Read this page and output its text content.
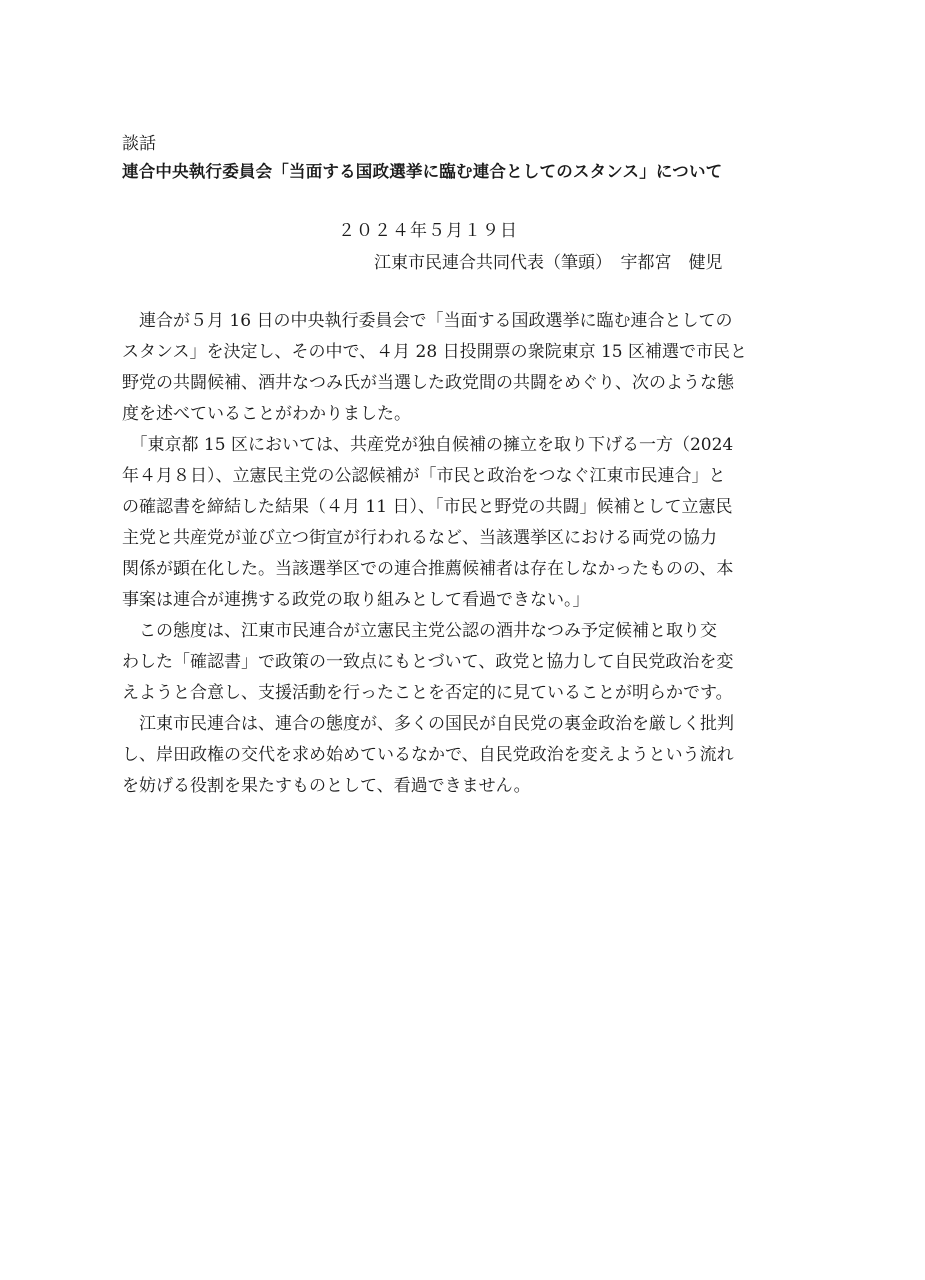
談話
連合中央執行委員会「当面する国政選挙に臨む連合としてのスタンス」について
２０２４年５月１９日
江東市民連合共同代表（筆頭）　宇都宮　健児
　連合が５月 16 日の中央執行委員会で「当面する国政選挙に臨む連合としての
スタンス」を決定し、その中で、４月 28 日投開票の衆院東京 15 区補選で市民と
野党の共闘候補、酒井なつみ氏が当選した政党間の共闘をめぐり、次のような態
度を述べていることがわかりました。
　「東京都 15 区においては、共産党が独自候補の擁立を取り下げる一方（2024
年４月８日）、立憲民主党の公認候補が「市民と政治をつなぐ江東市民連合」と
の確認書を締結した結果（４月 11 日）、「市民と野党の共闘」候補として立憲民
主党と共産党が並び立つ街宣が行われるなど、当該選挙区における両党の協力
関係が顕在化した。当該選挙区での連合推薦候補者は存在しなかったものの、本
事案は連合が連携する政党の取り組みとして看過できない。」
　この態度は、江東市民連合が立憲民主党公認の酒井なつみ予定候補と取り交
わした「確認書」で政策の一致点にもとづいて、政党と協力して自民党政治を変
えようと合意し、支援活動を行ったことを否定的に見ていることが明らかです。
　江東市民連合は、連合の態度が、多くの国民が自民党の裏金政治を厳しく批判
し、岸田政権の交代を求め始めているなかで、自民党政治を変えようという流れ
を妨げる役割を果たすものとして、看過できません。
